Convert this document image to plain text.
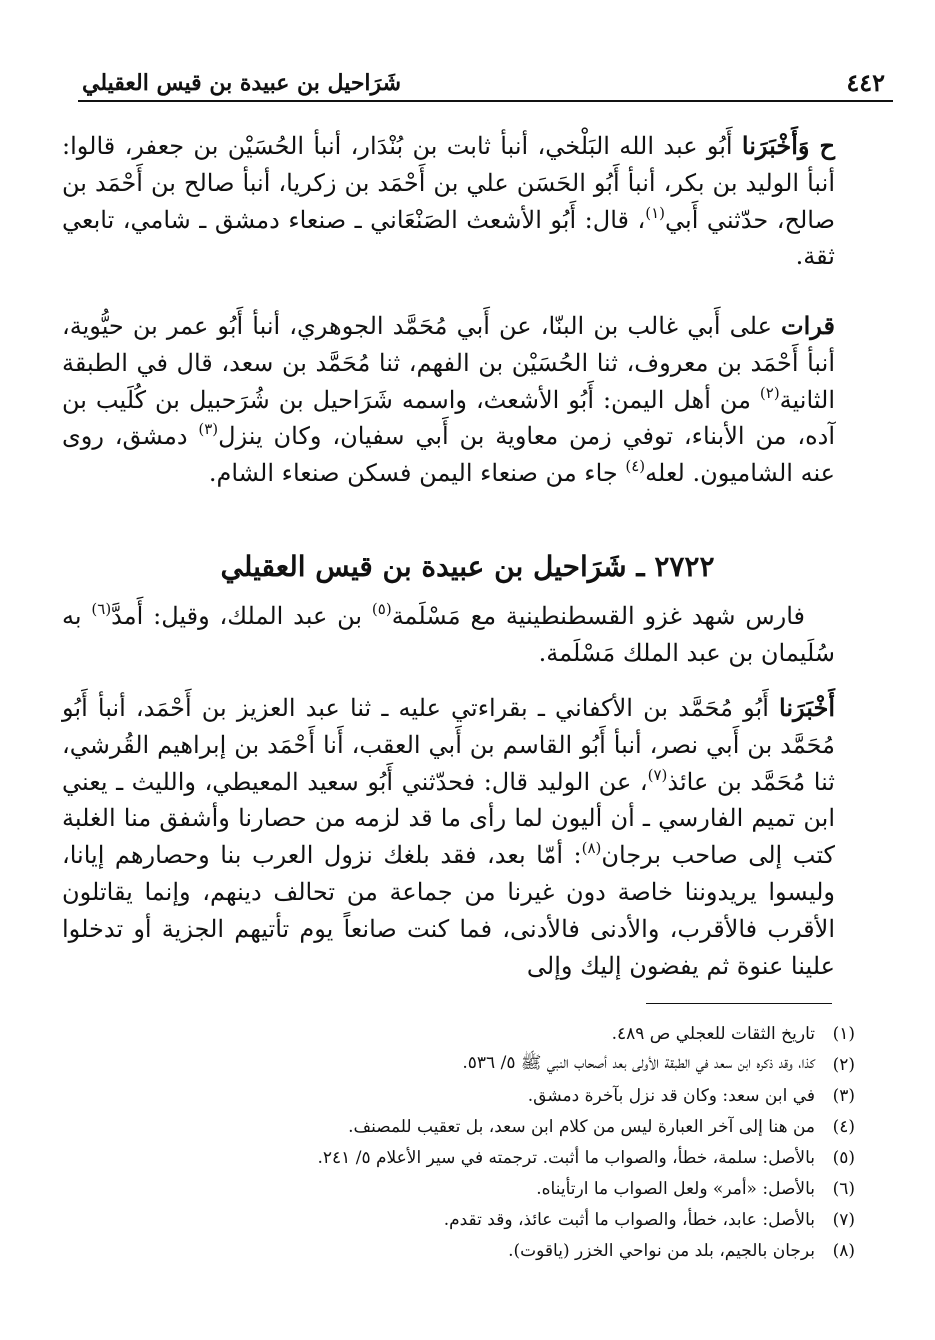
٤٤٢
شَرَاحيل بن عبيدة بن قيس العقيلي

ح وَأَخْبَرَنا أَبُو عبد الله البَلْخي، أنبأ ثابت بن بُنْدَار، أنبأ الحُسَيْن بن جعفر، قالوا: أنبأ الوليد بن بكر، أنبأ أَبُو الحَسَن علي بن أَحْمَد بن زكريا، أنبأ صالح بن أَحْمَد بن صالح، حدّثني أَبي$^{(١)}$، قال: أَبُو الأشعث الصَنْعَاني ـ صنعاء دمشق ـ شامي، تابعي ثقة.

قرات على أَبي غالب بن البنّا، عن أَبي مُحَمَّد الجوهري، أنبأ أَبُو عمر بن حيُّوية، أنبأ أَحْمَد بن معروف، ثنا الحُسَيْن بن الفهم، ثنا مُحَمَّد بن سعد، قال في الطبقة الثانية$^{(٢)}$ من أهل اليمن: أَبُو الأشعث، واسمه شَرَاحيل بن شُرَحبيل بن كُلَيب بن آده، من الأبناء، توفي زمن معاوية بن أَبي سفيان، وكان ينزل$^{(٣)}$ دمشق، روى عنه الشاميون. لعله$^{(٤)}$ جاء من صنعاء اليمن فسكن صنعاء الشام.

٢٧٢٢ ـ شَرَاحيل بن عبيدة بن قيس العقيلي

فارس شهد غزو القسطنطينية مع مَسْلَمة$^{(٥)}$ بن عبد الملك، وقيل: أَمدَّ$^{(٦)}$ به سُلَيمان بن عبد الملك مَسْلَمة.

أَخْبَرَنا أَبُو مُحَمَّد بن الأكفاني ـ بقراءتي عليه ـ ثنا عبد العزيز بن أَحْمَد، أنبأ أَبُو مُحَمَّد بن أَبي نصر، أنبأ أَبُو القاسم بن أَبي العقب، أَنا أَحْمَد بن إبراهيم القُرشي، ثنا مُحَمَّد بن عائذ$^{(٧)}$، عن الوليد قال: فحدّثني أَبُو سعيد المعيطي، والليث ـ يعني ابن تميم الفارسي ـ أن أليون لما رأى ما قد لزمه من حصارنا وأشفق منا الغلبة كتب إلى صاحب برجان$^{(٨)}$: أمّا بعد، فقد بلغك نزول العرب بنا وحصارهم إيانا، وليسوا يريدوننا خاصة دون غيرنا من جماعة من تحالف دينهم، وإنما يقاتلون الأقرب فالأقرب، والأدنى فالأدنى، فما كنت صانعاً يوم تأتيهم الجزية أو تدخلوا علينا عنوة ثم يفضون إليك وإلى

(١)
تاريخ الثقات للعجلي ص ٤٨٩.
(٢)
كذا، وقد ذكره ابن سعد في الطبقة الأولى بعد أصحاب النبي ﷺ ٥/ ٥٣٦.
(٣)
في ابن سعد: وكان قد نزل بآخرة دمشق.
(٤)
من هنا إلى آخر العبارة ليس من كلام ابن سعد، بل تعقيب للمصنف.
(٥)
بالأصل: سلمة، خطأ، والصواب ما أثبت. ترجمته في سير الأعلام ٥/ ٢٤١.
(٦)
بالأصل: «أمر» ولعل الصواب ما ارتأيناه.
(٧)
بالأصل: عابد، خطأ، والصواب ما أثبت عائذ، وقد تقدم.
(٨)
برجان بالجيم، بلد من نواحي الخزر (ياقوت).
